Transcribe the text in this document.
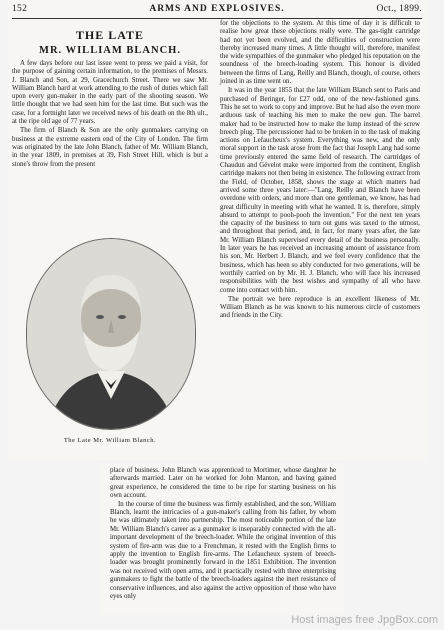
152	ARMS AND EXPLOSIVES.	Oct., 1899.
THE LATE
MR. WILLIAM BLANCH.

A few days before our last issue went to press we paid a visit, for the purpose of gaining certain information, to the premises of Messrs. J. Blanch and Son, at 29, Gracechurch Street. There we saw Mr. William Blanch hard at work attending to the rush of duties which fall upon every gun-maker in the early part of the shooting season. We little thought that we had seen him for the last time. But such was the case, for a fortnight later we received news of his death on the 8th ult., at the ripe old age of 77 years.

The firm of Blanch & Son are the only gunmakers carrying on business at the extreme eastern end of the City of London. The firm was originated by the late John Blanch, father of Mr. William Blanch, in the year 1809, in premises at 39, Fish Street Hill, which is but a stone's throw from the present

The Late Mr. William Blanch.

for the objections to the system. At this time of day it is difficult to realise how great these objections really were. The gas-tight cartridge had not yet been evolved, and the difficulties of construction were thereby increased many times. A little thought will, therefore, manifest the wide sympathies of the gunmaker who pledged his reputation on the soundness of the breech-loading system. This honour is divided between the firms of Lang, Reilly and Blanch, though, of course, others joined in as time went on.

It was in the year 1855 that the late William Blanch sent to Paris and purchased of Beringer, for £27 odd, one of the new-fashioned guns. This he set to work to copy and improve. But he had also the even more arduous task of teaching his men to make the new gun. The barrel maker had to be instructed how to make the lump instead of the screw breech plug. The percussioner had to be broken in to the task of making actions on Lefaucheux's system. Everything was new, and the only moral support in the task arose from the fact that Joseph Lang had some time previously entered the same field of research. The cartridges of Chaudun and Gévelot make were imported from the continent, English cartridge makers not then being in existence. The following extract from the Field, of October, 1858, shows the stage at which matters had arrived some three years later:—"Lang, Reilly and Blanch have been overdone with orders, and more than one gentleman, we know, has had great difficulty in meeting with what he wanted. It is, therefore, simply absurd to attempt to pooh-pooh the invention." For the next ten years the capacity of the business to turn out guns was taxed to the utmost, and throughout that period, and, in fact, for many years after, the late Mr. William Blanch supervised every detail of the business personally. In later years he has received an increasing amount of assistance from his son, Mr. Herbert J. Blanch, and we feel every confidence that the business, which has been so ably conducted for two generations, will be worthily carried on by Mr. H. J. Blanch, who will face his increased responsibilities with the best wishes and sympathy of all who have come into contact with him.

The portrait we here reproduce is an excellent likeness of Mr. William Blanch as he was known to his numerous circle of customers and friends in the City.

place of business. John Blanch was apprenticed to Mortimer, whose daughter he afterwards married. Later on he worked for John Manton, and having gained great experience, he considered the time to be ripe for starting business on his own account.

In the course of time the business was firmly established, and the son, William Blanch, learnt the intricacies of a gun-maker's calling from his father, by whom he was ultimately taken into partnership. The most noticeable portion of the late Mr. William Blanch's career as a gunmaker is inseparably connected with the all-important development of the breech-loader. While the original invention of this system of fire-arm was due to a Frenchman, it rested with the English firms to apply the invention to English fire-arms. The Lefaucheux system of breech-loader was brought prominently forward in the 1851 Exhibition. The invention was not received with open arms, and it practically rested with three enterprising gunmakers to fight the battle of the breech-loaders against the inert resistance of conservative influences, and also against the active opposition of those who have eyes only

Host images free JpgBox.com
